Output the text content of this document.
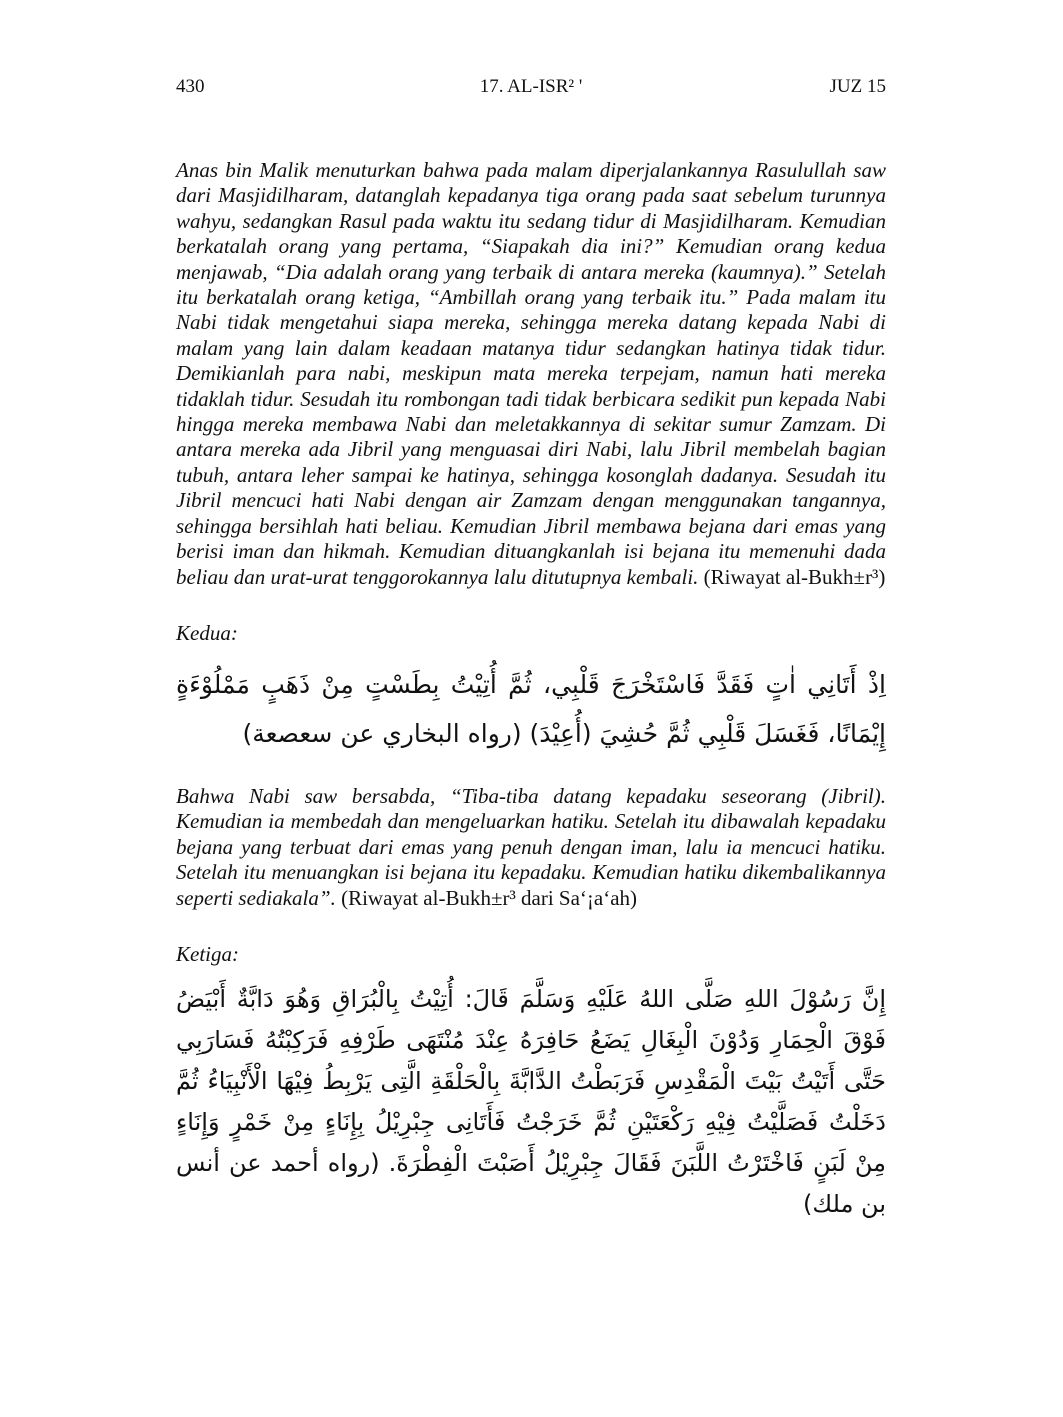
430	17. AL-ISR² '	JUZ 15

Anas bin Malik menuturkan bahwa pada malam diperjalankannya Rasulullah saw dari Masjidilharam, datanglah kepadanya tiga orang pada saat sebelum turunnya wahyu, sedangkan Rasul pada waktu itu sedang tidur di Masjidilharam. Kemudian berkatalah orang yang pertama, “Siapakah dia ini?” Kemudian orang kedua menjawab, “Dia adalah orang yang terbaik di antara mereka (kaumnya).” Setelah itu berkatalah orang ketiga, “Ambillah orang yang terbaik itu.” Pada malam itu Nabi tidak mengetahui siapa mereka, sehingga mereka datang kepada Nabi di malam yang lain dalam keadaan matanya tidur sedangkan hatinya tidak tidur. Demikianlah para nabi, meskipun mata mereka terpejam, namun hati mereka tidaklah tidur. Sesudah itu rombongan tadi tidak berbicara sedikit pun kepada Nabi hingga mereka membawa Nabi dan meletakkannya di sekitar sumur Zamzam. Di antara mereka ada Jibril yang menguasai diri Nabi, lalu Jibril membelah bagian tubuh, antara leher sampai ke hatinya, sehingga kosonglah dadanya. Sesudah itu Jibril mencuci hati Nabi dengan air Zamzam dengan menggunakan tangannya, sehingga bersihlah hati beliau. Kemudian Jibril membawa bejana dari emas yang berisi iman dan hikmah. Kemudian dituangkanlah isi bejana itu memenuhi dada beliau dan urat-urat tenggorokannya lalu ditutupnya kembali. (Riwayat al-Bukh±r³)

Kedua:

اِذْ أَتَانِي اٰتٍ فَقَدَّ فَاسْتَخْرَجَ قَلْبِي، ثُمَّ أُتِيْتُ بِطَسْتٍ مِنْ ذَهَبٍ مَمْلُوْءَةٍ إِيْمَانًا، فَغَسَلَ قَلْبِي ثُمَّ حُشِيَ (أُعِيْدَ) (رواه البخاري عن سعصعة)

Bahwa Nabi saw bersabda, “Tiba-tiba datang kepadaku seseorang (Jibril). Kemudian ia membedah dan mengeluarkan hatiku. Setelah itu dibawalah kepadaku bejana yang terbuat dari emas yang penuh dengan iman, lalu ia mencuci hatiku. Setelah itu menuangkan isi bejana itu kepadaku. Kemudian hatiku dikembalikannya seperti sediakala”. (Riwayat al-Bukh±r³ dari Sa‘¡a‘ah)

Ketiga:

إِنَّ رَسُوْلَ اللهِ صَلَّى اللهُ عَلَيْهِ وَسَلَّمَ قَالَ: أُتِيْتُ بِالْبُرَاقِ وَهُوَ دَابَّةٌ أَبْيَضُ فَوْقَ الْحِمَارِ وَدُوْنَ الْبِغَالِ يَضَعُ حَافِرَهُ عِنْدَ مُنْتَهَى طَرْفِهِ فَرَكِبْتُهُ فَسَارَبِي حَتَّى أَتَيْتُ بَيْتَ الْمَقْدِسِ فَرَبَطْتُ الدَّابَّةَ بِالْحَلْقَةِ الَّتِى يَرْبِطُ فِيْهَا الْأَنْبِيَاءُ ثُمَّ دَخَلْتُ فَصَلَّيْتُ فِيْهِ رَكْعَتَيْنِ ثُمَّ خَرَجْتُ فَأَتَانِى جِبْرِيْلُ بِإِنَاءٍ مِنْ خَمْرٍ وَإِنَاءٍ مِنْ لَبَنٍ فَاخْتَرْتُ اللَّبَنَ فَقَالَ جِبْرِيْلُ أَصَبْتَ الْفِطْرَةَ. (رواه أحمد عن أنس بن ملك)
